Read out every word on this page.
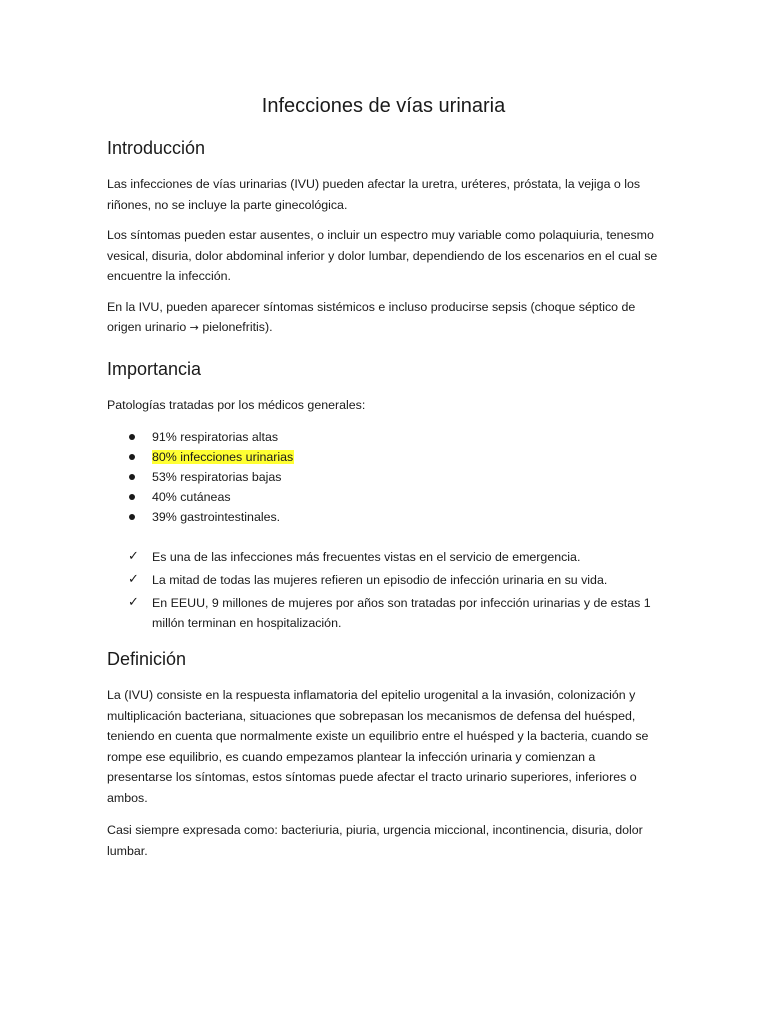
Infecciones de vías urinaria
Introducción

Las infecciones de vías urinarias (IVU) pueden afectar la uretra, uréteres, próstata, la vejiga o los riñones, no se incluye la parte ginecológica.

Los síntomas pueden estar ausentes, o incluir un espectro muy variable como polaquiuria, tenesmo vesical, disuria, dolor abdominal inferior y dolor lumbar, dependiendo de los escenarios en el cual se encuentre la infección.

En la IVU, pueden aparecer síntomas sistémicos e incluso producirse sepsis (choque séptico de origen urinario → pielonefritis).

Importancia

Patologías tratadas por los médicos generales:

91% respiratorias altas
80% infecciones urinarias
53% respiratorias bajas
40% cutáneas
39% gastrointestinales.
✓ Es una de las infecciones más frecuentes vistas en el servicio de emergencia.
✓ La mitad de todas las mujeres refieren un episodio de infección urinaria en su vida.
✓ En EEUU, 9 millones de mujeres por años son tratadas por infección urinarias y de estas 1 millón terminan en hospitalización.
Definición

La (IVU) consiste en la respuesta inflamatoria del epitelio urogenital a la invasión, colonización y multiplicación bacteriana, situaciones que sobrepasan los mecanismos de defensa del huésped, teniendo en cuenta que normalmente existe un equilibrio entre el huésped y la bacteria, cuando se rompe ese equilibrio, es cuando empezamos plantear la infección urinaria y comienzan a presentarse los síntomas, estos síntomas puede afectar el tracto urinario superiores, inferiores o ambos.

Casi siempre expresada como: bacteriuria, piuria, urgencia miccional, incontinencia, disuria, dolor lumbar.
